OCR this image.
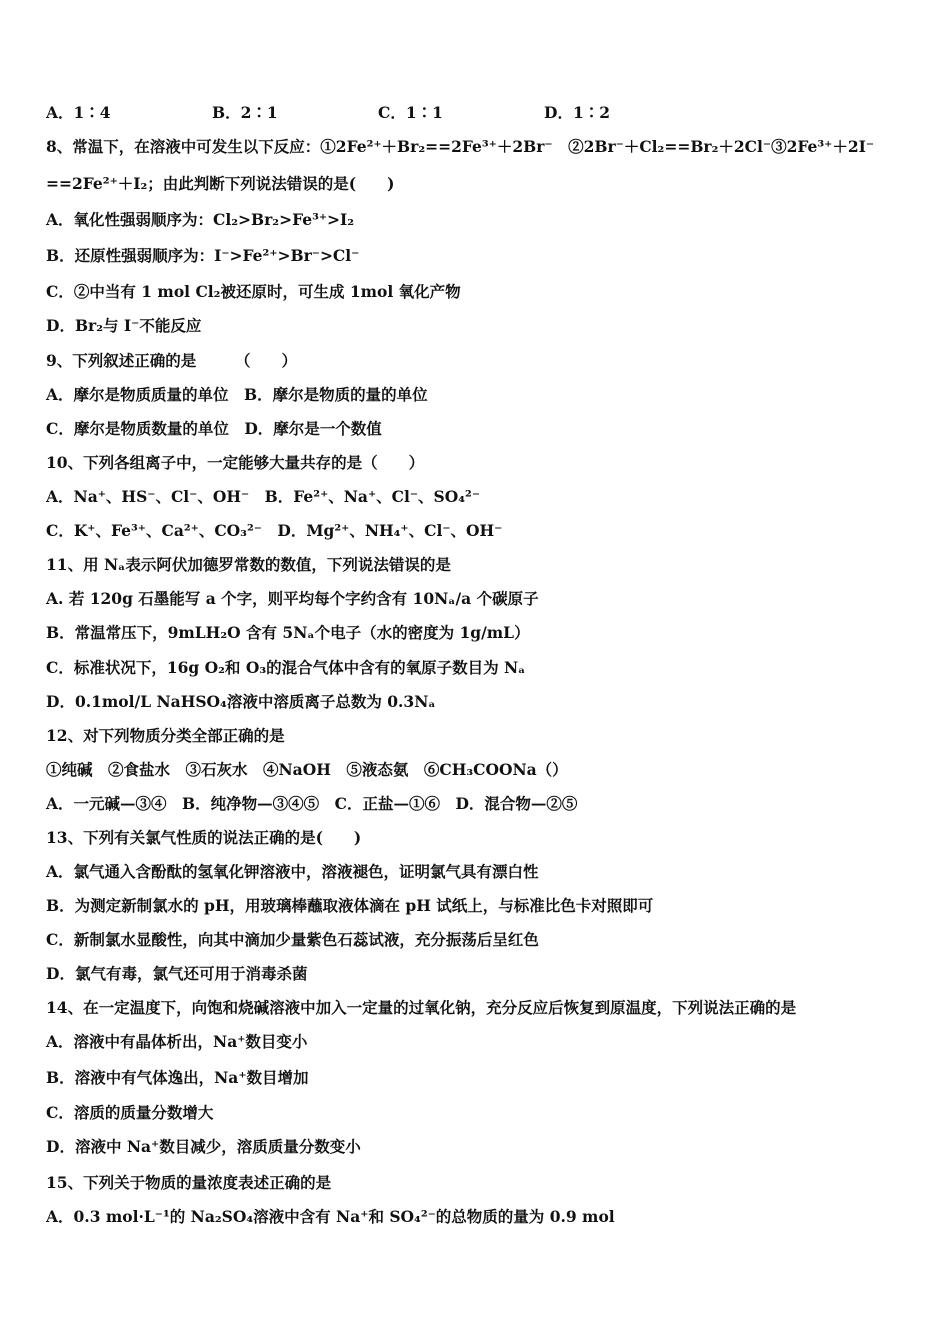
A．1∶4	B．2∶1	C．1∶1	D．1∶2
8、常温下，在溶液中可发生以下反应：①2Fe²⁺＋Br₂==2Fe³⁺＋2Br⁻　②2Br⁻＋Cl₂==Br₂＋2Cl⁻③2Fe³⁺＋2I⁻
==2Fe²⁺＋I₂；由此判断下列说法错误的是(　　)
A．氧化性强弱顺序为：Cl₂>Br₂>Fe³⁺>I₂
B．还原性强弱顺序为：I⁻>Fe²⁺>Br⁻>Cl⁻
C．②中当有 1 mol Cl₂被还原时，可生成 1mol 氧化产物
D．Br₂与 I⁻不能反应
9、下列叙述正确的是　　　（　　）
A．摩尔是物质质量的单位　B．摩尔是物质的量的单位
C．摩尔是物质数量的单位　D．摩尔是一个数值
10、下列各组离子中，一定能够大量共存的是（　　）
A．Na⁺、HS⁻、Cl⁻、OH⁻　B．Fe²⁺、Na⁺、Cl⁻、SO₄²⁻
C．K⁺、Fe³⁺、Ca²⁺、CO₃²⁻　D．Mg²⁺、NH₄⁺、Cl⁻、OH⁻
11、用 Nₐ表示阿伏加德罗常数的数值，下列说法错误的是
A. 若 120g 石墨能写 a 个字，则平均每个字约含有 10Nₐ/a 个碳原子
B．常温常压下，9mLH₂O 含有 5Nₐ个电子（水的密度为 1g/mL）
C．标准状况下，16g O₂和 O₃的混合气体中含有的氧原子数目为 Nₐ
D．0.1mol/L NaHSO₄溶液中溶质离子总数为 0.3Nₐ
12、对下列物质分类全部正确的是
①纯碱　②食盐水　③石灰水　④NaOH　⑤液态氨　⑥CH₃COONa（）
A．一元碱—③④　B．纯净物—③④⑤　C．正盐—①⑥　D．混合物—②⑤
13、下列有关氯气性质的说法正确的是(　　)
A．氯气通入含酚酞的氢氧化钾溶液中，溶液褪色，证明氯气具有漂白性
B．为测定新制氯水的 pH，用玻璃棒蘸取液体滴在 pH 试纸上，与标准比色卡对照即可
C．新制氯水显酸性，向其中滴加少量紫色石蕊试液，充分振荡后呈红色
D．氯气有毒，氯气还可用于消毒杀菌
14、在一定温度下，向饱和烧碱溶液中加入一定量的过氧化钠，充分反应后恢复到原温度，下列说法正确的是
A．溶液中有晶体析出，Na⁺数目变小
B．溶液中有气体逸出，Na⁺数目增加
C．溶质的质量分数增大
D．溶液中 Na⁺数目减少，溶质质量分数变小
15、下列关于物质的量浓度表述正确的是
A．0.3 mol·L⁻¹的 Na₂SO₄溶液中含有 Na⁺和 SO₄²⁻的总物质的量为 0.9 mol
